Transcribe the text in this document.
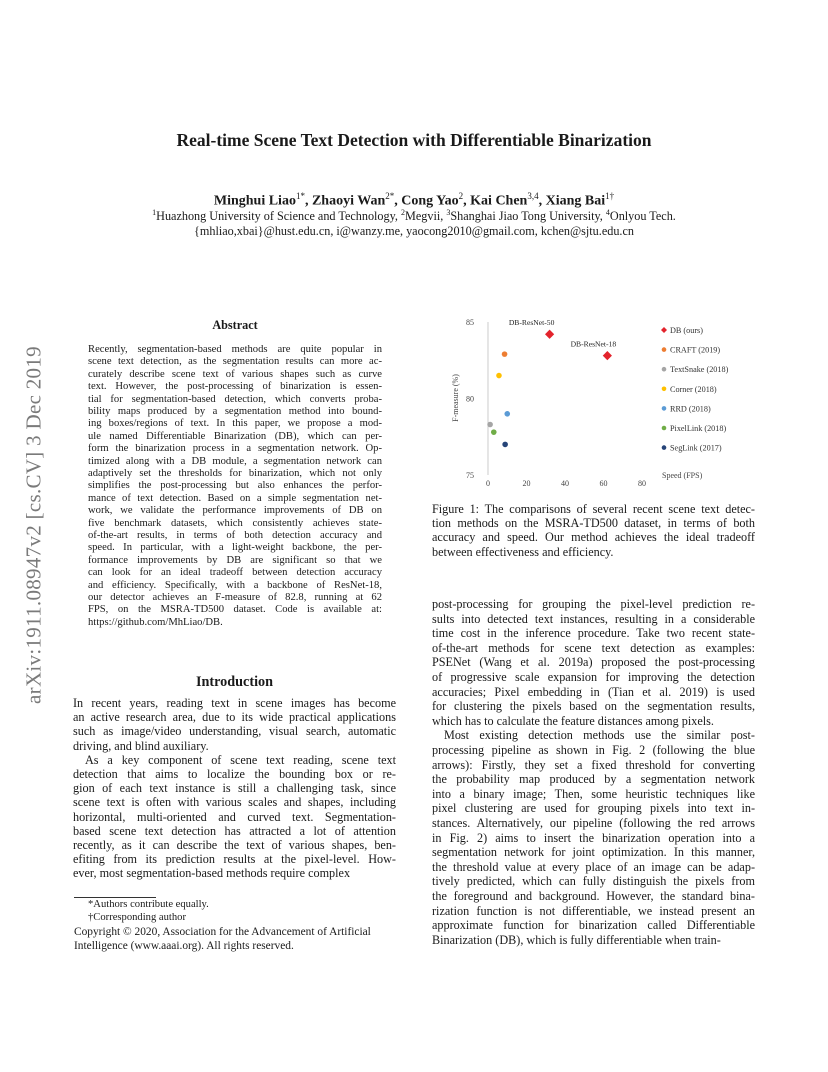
arXiv:1911.08947v2 [cs.CV] 3 Dec 2019
Real-time Scene Text Detection with Differentiable Binarization
Minghui Liao$^{1*}$, Zhaoyi Wan$^{2*}$, Cong Yao$^2$, Kai Chen$^{3,4}$, Xiang Bai$^{1\dagger}$
$^1$Huazhong University of Science and Technology, $^2$Megvii, $^3$Shanghai Jiao Tong University, $^4$Onlyou Tech.
{mhliao,xbai}@hust.edu.cn, i@wanzy.me, yaocong2010@gmail.com, kchen@sjtu.edu.cn
Abstract
Recently, segmentation-based methods are quite popular in
scene text detection, as the segmentation results can more ac-
curately describe scene text of various shapes such as curve
text. However, the post-processing of binarization is essen-
tial for segmentation-based detection, which converts proba-
bility maps produced by a segmentation method into bound-
ing boxes/regions of text. In this paper, we propose a mod-
ule named Differentiable Binarization (DB), which can per-
form the binarization process in a segmentation network. Op-
timized along with a DB module, a segmentation network can
adaptively set the thresholds for binarization, which not only
simplifies the post-processing but also enhances the perfor-
mance of text detection. Based on a simple segmentation net-
work, we validate the performance improvements of DB on
five benchmark datasets, which consistently achieves state-
of-the-art results, in terms of both detection accuracy and
speed. In particular, with a light-weight backbone, the per-
formance improvements by DB are significant so that we
can look for an ideal tradeoff between detection accuracy
and efficiency. Specifically, with a backbone of ResNet-18,
our detector achieves an F-measure of 82.8, running at 62
FPS, on the MSRA-TD500 dataset. Code is available at:
https://github.com/MhLiao/DB.
Introduction
In recent years, reading text in scene images has become
an active research area, due to its wide practical applications
such as image/video understanding, visual search, automatic
driving, and blind auxiliary.
As a key component of scene text reading, scene text
detection that aims to localize the bounding box or re-
gion of each text instance is still a challenging task, since
scene text is often with various scales and shapes, including
horizontal, multi-oriented and curved text. Segmentation-
based scene text detection has attracted a lot of attention
recently, as it can describe the text of various shapes, ben-
efiting from its prediction results at the pixel-level. How-
ever, most segmentation-based methods require complex
*Authors contribute equally.
†Corresponding author
Copyright © 2020, Association for the Advancement of Artificial
Intelligence (www.aaai.org). All rights reserved.
F-measure (%)
75
80
85
0	20	40	60	80
DB-ResNet-50
DB-ResNet-18
DB (ours)
CRAFT (2019)
TextSnake (2018)
Corner (2018)
RRD (2018)
PixelLink (2018)
SegLink (2017)
Speed (FPS)
Figure 1: The comparisons of several recent scene text detec-
tion methods on the MSRA-TD500 dataset, in terms of both
accuracy and speed. Our method achieves the ideal tradeoff
between effectiveness and efficiency.
post-processing for grouping the pixel-level prediction re-
sults into detected text instances, resulting in a considerable
time cost in the inference procedure. Take two recent state-
of-the-art methods for scene text detection as examples:
PSENet (Wang et al. 2019a) proposed the post-processing
of progressive scale expansion for improving the detection
accuracies; Pixel embedding in (Tian et al. 2019) is used
for clustering the pixels based on the segmentation results,
which has to calculate the feature distances among pixels.
Most existing detection methods use the similar post-
processing pipeline as shown in Fig. 2 (following the blue
arrows): Firstly, they set a fixed threshold for converting
the probability map produced by a segmentation network
into a binary image; Then, some heuristic techniques like
pixel clustering are used for grouping pixels into text in-
stances. Alternatively, our pipeline (following the red arrows
in Fig. 2) aims to insert the binarization operation into a
segmentation network for joint optimization. In this manner,
the threshold value at every place of an image can be adap-
tively predicted, which can fully distinguish the pixels from
the foreground and background. However, the standard bina-
rization function is not differentiable, we instead present an
approximate function for binarization called Differentiable
Binarization (DB), which is fully differentiable when train-
